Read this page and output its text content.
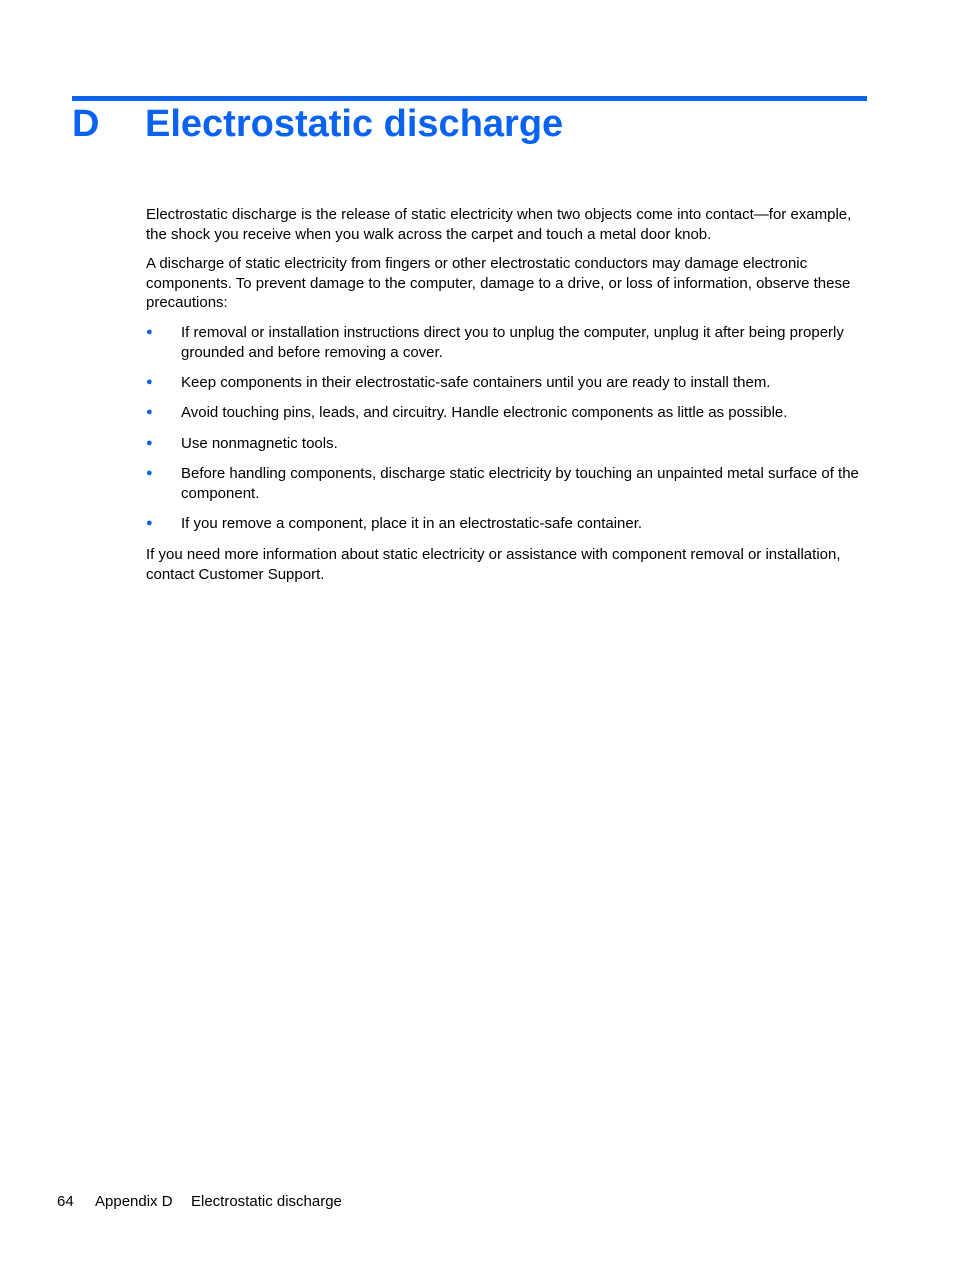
D Electrostatic discharge

Electrostatic discharge is the release of static electricity when two objects come into contact—for example, the shock you receive when you walk across the carpet and touch a metal door knob.

A discharge of static electricity from fingers or other electrostatic conductors may damage electronic components. To prevent damage to the computer, damage to a drive, or loss of information, observe these precautions:

● If removal or installation instructions direct you to unplug the computer, unplug it after being properly grounded and before removing a cover.
● Keep components in their electrostatic-safe containers until you are ready to install them.
● Avoid touching pins, leads, and circuitry. Handle electronic components as little as possible.
● Use nonmagnetic tools.
● Before handling components, discharge static electricity by touching an unpainted metal surface of the component.
● If you remove a component, place it in an electrostatic-safe container.

If you need more information about static electricity or assistance with component removal or installation, contact Customer Support.

64 Appendix D Electrostatic discharge
